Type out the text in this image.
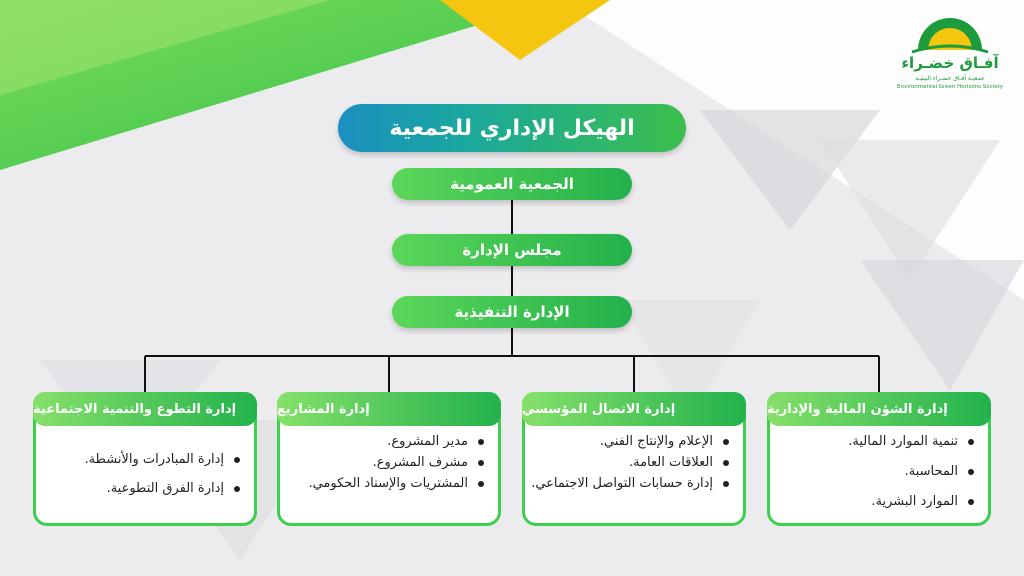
آفـاق خضـراء
جمعيـة آفـاق خضـراء البيئيـة
Environmental Green Horizons Society
الهيكل الإداري للجمعية
الجمعية العمومية
مجلس الإدارة
الإدارة التنفيذية
إدارة الشؤن المالية والإدارية
تنمية الموارد المالية.
المحاسبة.
الموارد البشرية.
إدارة الاتصال المؤسسي
الإعلام والإنتاج الفني.
العلاقات العامة.
إدارة حسابات التواصل الاجتماعي.
إدارة المشاريع
مدير المشروع.
مشرف المشروع.
المشتريات والإسناد الحكومي.
إدارة التطوع والتنمية الاجتماعية
إدارة المبادرات والأنشطة.
إدارة الفرق التطوعية.
